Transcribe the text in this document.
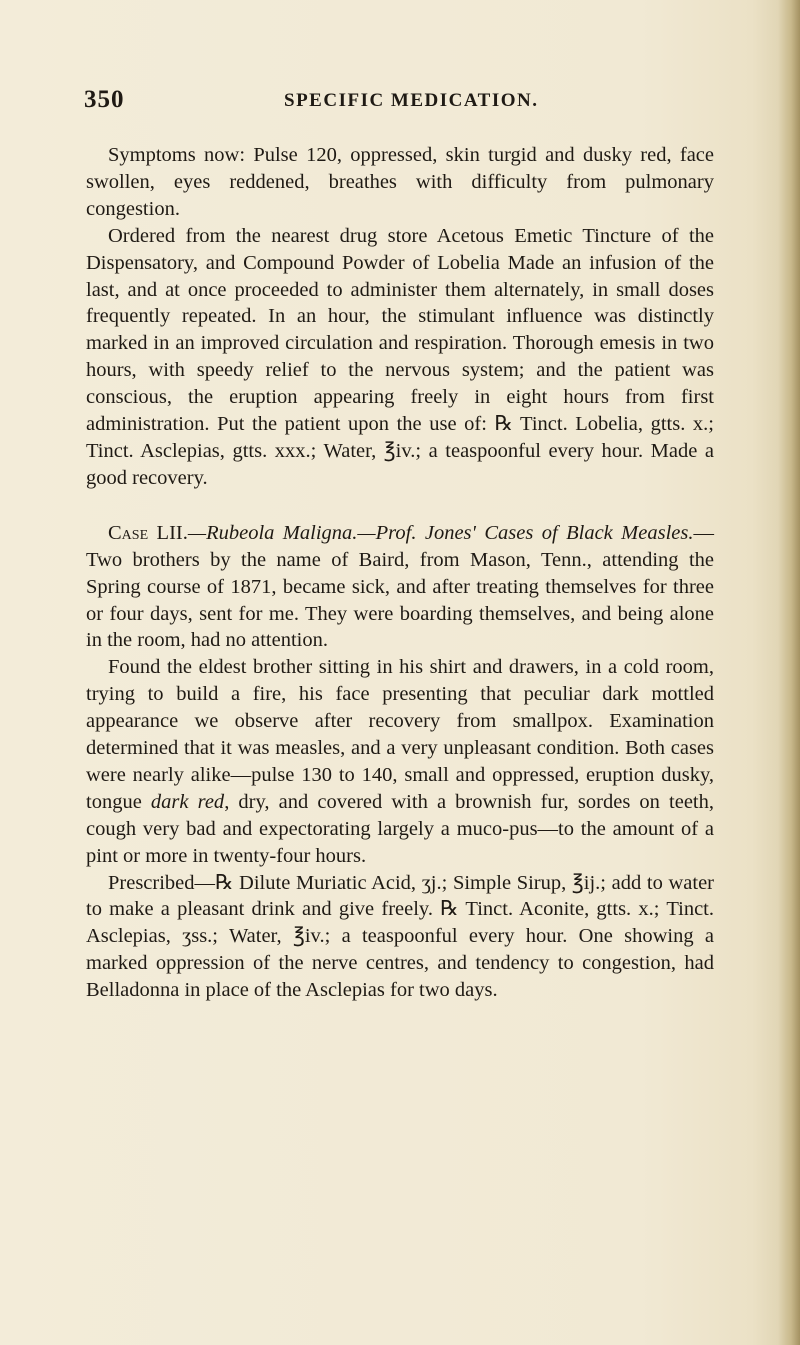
350	SPECIFIC MEDICATION.

Symptoms now: Pulse 120, oppressed, skin turgid and dusky red, face swollen, eyes reddened, breathes with difficulty from pulmonary congestion.

Ordered from the nearest drug store Acetous Emetic Tincture of the Dispensatory, and Compound Powder of Lobelia Made an infusion of the last, and at once proceeded to administer them alternately, in small doses frequently repeated. In an hour, the stimulant influence was distinctly marked in an improved circulation and respiration. Thorough emesis in two hours, with speedy relief to the nervous system; and the patient was conscious, the eruption appearing freely in eight hours from first administration. Put the patient upon the use of: ℞ Tinct. Lobelia, gtts. x.; Tinct. Asclepias, gtts. xxx.; Water, ℥iv.; a teaspoonful every hour. Made a good recovery.

Case LII.—Rubeola Maligna.—Prof. Jones' Cases of Black Measles.—Two brothers by the name of Baird, from Mason, Tenn., attending the Spring course of 1871, became sick, and after treating themselves for three or four days, sent for me. They were boarding themselves, and being alone in the room, had no attention.

Found the eldest brother sitting in his shirt and drawers, in a cold room, trying to build a fire, his face presenting that peculiar dark mottled appearance we observe after recovery from smallpox. Examination determined that it was measles, and a very unpleasant condition. Both cases were nearly alike—pulse 130 to 140, small and oppressed, eruption dusky, tongue dark red, dry, and covered with a brownish fur, sordes on teeth, cough very bad and expectorating largely a muco-pus—to the amount of a pint or more in twenty-four hours.

Prescribed—℞ Dilute Muriatic Acid, ʒj.; Simple Sirup, ℥ij.; add to water to make a pleasant drink and give freely. ℞ Tinct. Aconite, gtts. x.; Tinct. Asclepias, ʒss.; Water, ℥iv.; a teaspoonful every hour. One showing a marked oppression of the nerve centres, and tendency to congestion, had Belladonna in place of the Asclepias for two days.
